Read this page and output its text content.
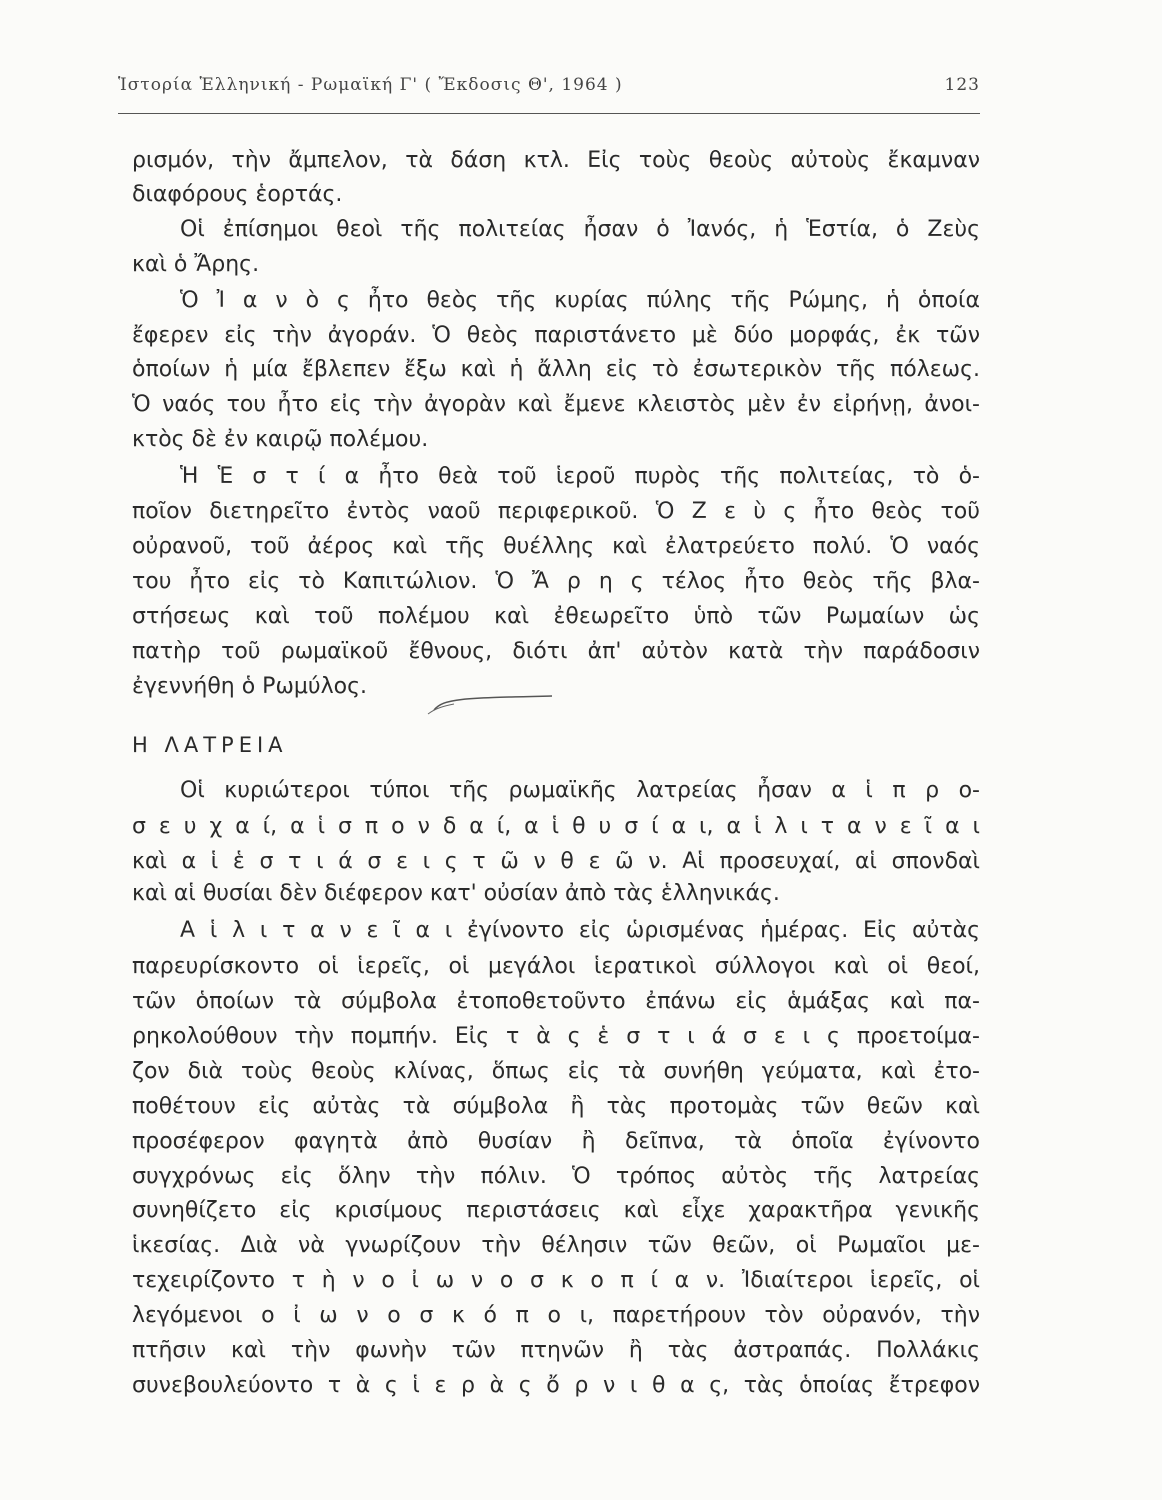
Ἱστορία Ἑλληνική - Ρωμαϊκή Γ' ( Ἔκδοσις Θ', 1964 )	123
ρισμόν, τὴν ἄμπελον, τὰ δάση κτλ. Εἰς τοὺς θεοὺς αὐτοὺς ἔκαμναν
διαφόρους ἑορτάς.
Οἱ ἐπίσημοι θεοὶ τῆς πολιτείας ἦσαν ὁ Ἰανός, ἡ Ἑστία, ὁ Ζεὺς
καὶ ὁ Ἄρης.
Ὁ Ἰ α ν ὸ ς ἦτο θεὸς τῆς κυρίας πύλης τῆς Ρώμης, ἡ ὁποία
ἔφερεν εἰς τὴν ἀγοράν. Ὁ θεὸς παριστάνετο μὲ δύο μορφάς, ἐκ τῶν
ὁποίων ἡ μία ἔβλεπεν ἔξω καὶ ἡ ἄλλη εἰς τὸ ἐσωτερικὸν τῆς πόλεως.
Ὁ ναός του ἦτο εἰς τὴν ἀγορὰν καὶ ἔμενε κλειστὸς μὲν ἐν εἰρήνῃ, ἀνοι-
κτὸς δὲ ἐν καιρῷ πολέμου.
Ἡ Ἑ σ τ ί α ἦτο θεὰ τοῦ ἱεροῦ πυρὸς τῆς πολιτείας, τὸ ὁ-
ποῖον διετηρεῖτο ἐντὸς ναοῦ περιφερικοῦ. Ὁ Ζ ε ὺ ς ἦτο θεὸς τοῦ
οὐρανοῦ, τοῦ ἀέρος καὶ τῆς θυέλλης καὶ ἐλατρεύετο πολύ. Ὁ ναός
του ἦτο εἰς τὸ Καπιτώλιον. Ὁ Ἄ ρ η ς τέλος ἦτο θεὸς τῆς βλα-
στήσεως καὶ τοῦ πολέμου καὶ ἐθεωρεῖτο ὑπὸ τῶν Ρωμαίων ὡς
πατὴρ τοῦ ρωμαϊκοῦ ἔθνους, διότι ἀπ' αὐτὸν κατὰ τὴν παράδοσιν
ἐγεννήθη ὁ Ρωμύλος.
Η ΛΑΤΡΕΙΑ
Οἱ κυριώτεροι τύποι τῆς ρωμαϊκῆς λατρείας ἦσαν α ἱ π ρ ο-
σ ε υ χ α ί, α ἱ σ π ο ν δ α ί, α ἱ θ υ σ ί α ι, α ἱ λ ι τ α ν ε ῖ α ι
καὶ α ἱ ἑ σ τ ι ά σ ε ι ς τ ῶ ν θ ε ῶ ν. Αἱ προσευχαί, αἱ σπονδαὶ
καὶ αἱ θυσίαι δὲν διέφερον κατ' οὐσίαν ἀπὸ τὰς ἑλληνικάς.
Α ἱ λ ι τ α ν ε ῖ α ι ἐγίνοντο εἰς ὡρισμένας ἡμέρας. Εἰς αὐτὰς
παρευρίσκοντο οἱ ἱερεῖς, οἱ μεγάλοι ἱερατικοὶ σύλλογοι καὶ οἱ θεοί,
τῶν ὁποίων τὰ σύμβολα ἐτοποθετοῦντο ἐπάνω εἰς ἁμάξας καὶ πα-
ρηκολούθουν τὴν πομπήν. Εἰς τ ὰ ς ἑ σ τ ι ά σ ε ι ς προετοίμα-
ζον διὰ τοὺς θεοὺς κλίνας, ὅπως εἰς τὰ συνήθη γεύματα, καὶ ἐτο-
ποθέτουν εἰς αὐτὰς τὰ σύμβολα ἢ τὰς προτομὰς τῶν θεῶν καὶ
προσέφερον φαγητὰ ἀπὸ θυσίαν ἢ δεῖπνα, τὰ ὁποῖα ἐγίνοντο
συγχρόνως εἰς ὅλην τὴν πόλιν. Ὁ τρόπος αὐτὸς τῆς λατρείας
συνηθίζετο εἰς κρισίμους περιστάσεις καὶ εἶχε χαρακτῆρα γενικῆς
ἱκεσίας. Διὰ νὰ γνωρίζουν τὴν θέλησιν τῶν θεῶν, οἱ Ρωμαῖοι με-
τεχειρίζοντο τ ὴ ν ο ἰ ω ν ο σ κ ο π ί α ν. Ἰδιαίτεροι ἱερεῖς, οἱ
λεγόμενοι ο ἰ ω ν ο σ κ ό π ο ι, παρετήρουν τὸν οὐρανόν, τὴν
πτῆσιν καὶ τὴν φωνὴν τῶν πτηνῶν ἢ τὰς ἀστραπάς. Πολλάκις
συνεβουλεύοντο τ ὰ ς ἱ ε ρ ὰ ς ὄ ρ ν ι θ α ς, τὰς ὁποίας ἔτρεφον
